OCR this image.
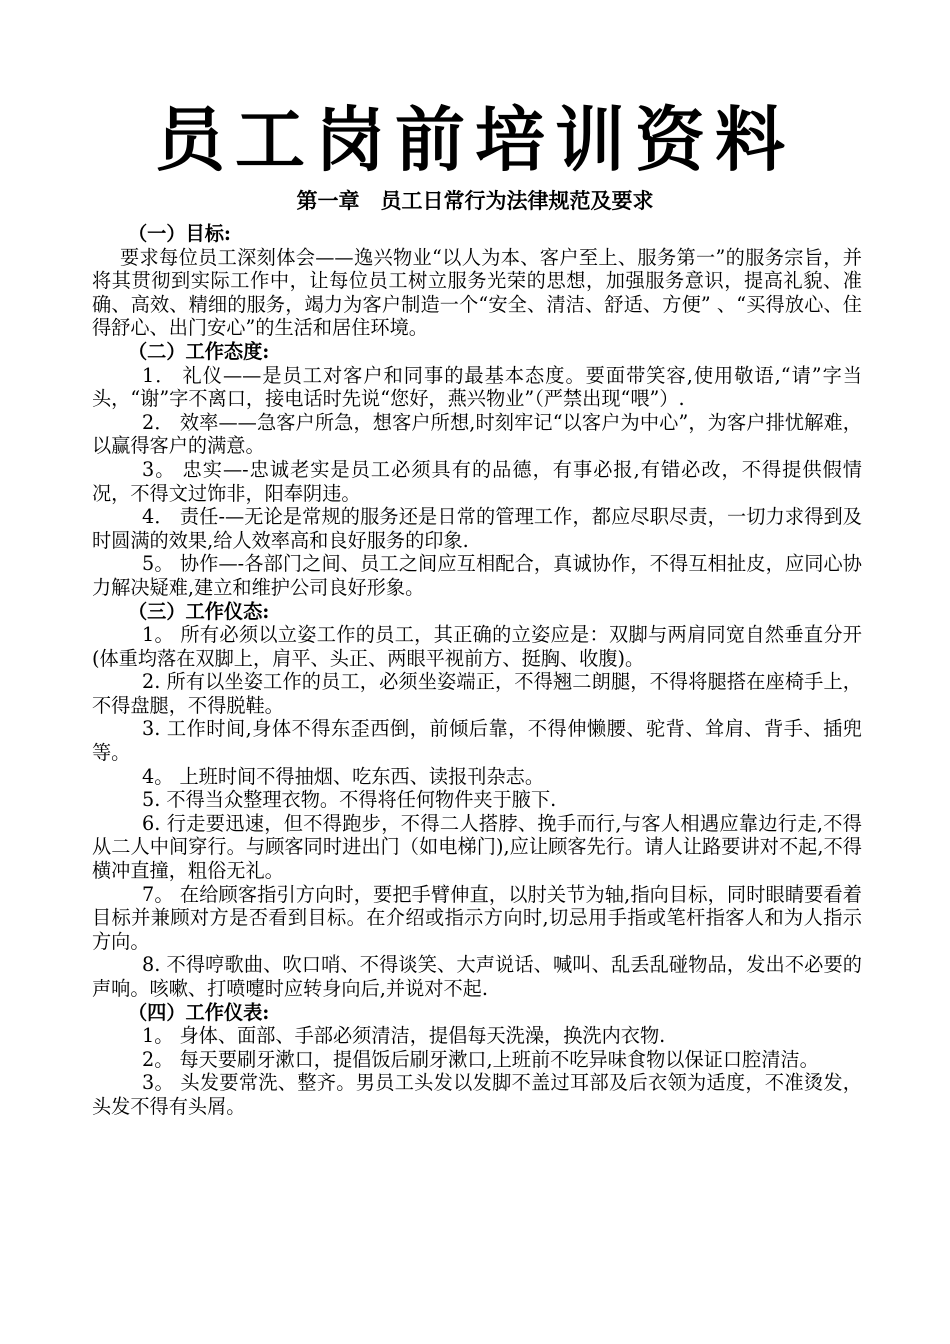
员工岗前培训资料
第一章　员工日常行为法律规范及要求

（一）目标:

要求每位员工深刻体会——逸兴物业“以人为本、客户至上、服务第一”的服务宗旨，并将其贯彻到实际工作中，让每位员工树立服务光荣的思想，加强服务意识，提高礼貌、准确、高效、精细的服务，竭力为客户制造一个“安全、清洁、舒适、方便” 、“买得放心、住得舒心、出门安心”的生活和居住环境。

（二）工作态度:

1． 礼仪——是员工对客户和同事的最基本态度。要面带笑容,使用敬语,“请”字当头，“谢”字不离口，接电话时先说“您好，燕兴物业”（严禁出现“喂”）.

2． 效率——急客户所急，想客户所想,时刻牢记“以客户为中心”，为客户排忧解难，以赢得客户的满意。

3。 忠实—-忠诚老实是员工必须具有的品德，有事必报,有错必改，不得提供假情况，不得文过饰非，阳奉阴违。

4． 责任-—无论是常规的服务还是日常的管理工作，都应尽职尽责，一切力求得到及时圆满的效果,给人效率高和良好服务的印象.

5。 协作—-各部门之间、员工之间应互相配合，真诚协作，不得互相扯皮，应同心协力解决疑难,建立和维护公司良好形象。

（三）工作仪态:

1。 所有必须以立姿工作的员工，其正确的立姿应是：双脚与两肩同宽自然垂直分开(体重均落在双脚上，肩平、头正、两眼平视前方、挺胸、收腹)。

2. 所有以坐姿工作的员工，必须坐姿端正，不得翘二朗腿，不得将腿搭在座椅手上，不得盘腿，不得脱鞋。

3. 工作时间,身体不得东歪西倒，前倾后靠，不得伸懒腰、驼背、耸肩、背手、插兜等。

4。 上班时间不得抽烟、吃东西、读报刊杂志。

5. 不得当众整理衣物。不得将任何物件夹于腋下.

6. 行走要迅速，但不得跑步，不得二人搭脖、挽手而行,与客人相遇应靠边行走,不得从二人中间穿行。与顾客同时进出门（如电梯门),应让顾客先行。请人让路要讲对不起,不得横冲直撞，粗俗无礼。

7。 在给顾客指引方向时，要把手臂伸直，以肘关节为轴,指向目标，同时眼睛要看着目标并兼顾对方是否看到目标。在介绍或指示方向时,切忌用手指或笔杆指客人和为人指示方向。

8. 不得哼歌曲、吹口哨、不得谈笑、大声说话、喊叫、乱丢乱碰物品，发出不必要的声响。咳嗽、打喷嚏时应转身向后,并说对不起.

（四）工作仪表:

1。 身体、面部、手部必须清洁，提倡每天洗澡，换洗内衣物.

2。 每天要刷牙漱口，提倡饭后刷牙漱口,上班前不吃异味食物以保证口腔清洁。

3。 头发要常洗、整齐。男员工头发以发脚不盖过耳部及后衣领为适度，不准烫发，头发不得有头屑。
